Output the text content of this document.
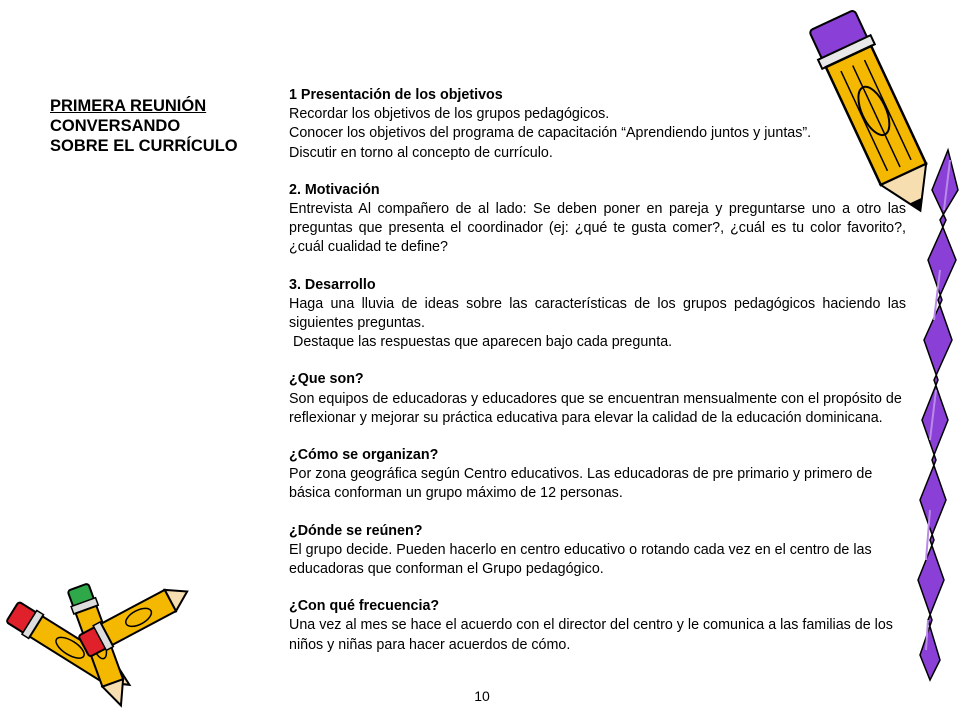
PRIMERA REUNIÓN
CONVERSANDO
SOBRE EL CURRÍCULO
1 Presentación de los objetivos
Recordar los objetivos de los grupos pedagógicos.
Conocer los objetivos del programa de capacitación “Aprendiendo juntos y juntas”.
Discutir en torno al concepto de currículo.
2. Motivación
Entrevista Al compañero de al lado: Se deben poner en pareja y preguntarse uno a otro las preguntas que presenta el coordinador (ej: ¿qué te gusta comer?, ¿cuál es tu color favorito?, ¿cuál cualidad te define?
3. Desarrollo
Haga una lluvia de ideas sobre las características de los grupos pedagógicos haciendo las siguientes preguntas.
Destaque las respuestas que aparecen bajo cada pregunta.
¿Que son?
Son equipos de educadoras y educadores que se encuentran mensualmente con el propósito de reflexionar y mejorar su práctica educativa para elevar la calidad de la educación dominicana.
¿Cómo se organizan?
Por zona geográfica según Centro educativos. Las educadoras de pre primario y primero de básica conforman un grupo máximo de 12 personas.
¿Dónde se reúnen?
El grupo decide. Pueden hacerlo en centro educativo o rotando cada vez en el centro de las educadoras que conforman el Grupo pedagógico.
¿Con qué frecuencia?
Una vez al mes se hace el acuerdo con el director del centro y le comunica a las familias de los niños y niñas para hacer acuerdos de cómo.
10
